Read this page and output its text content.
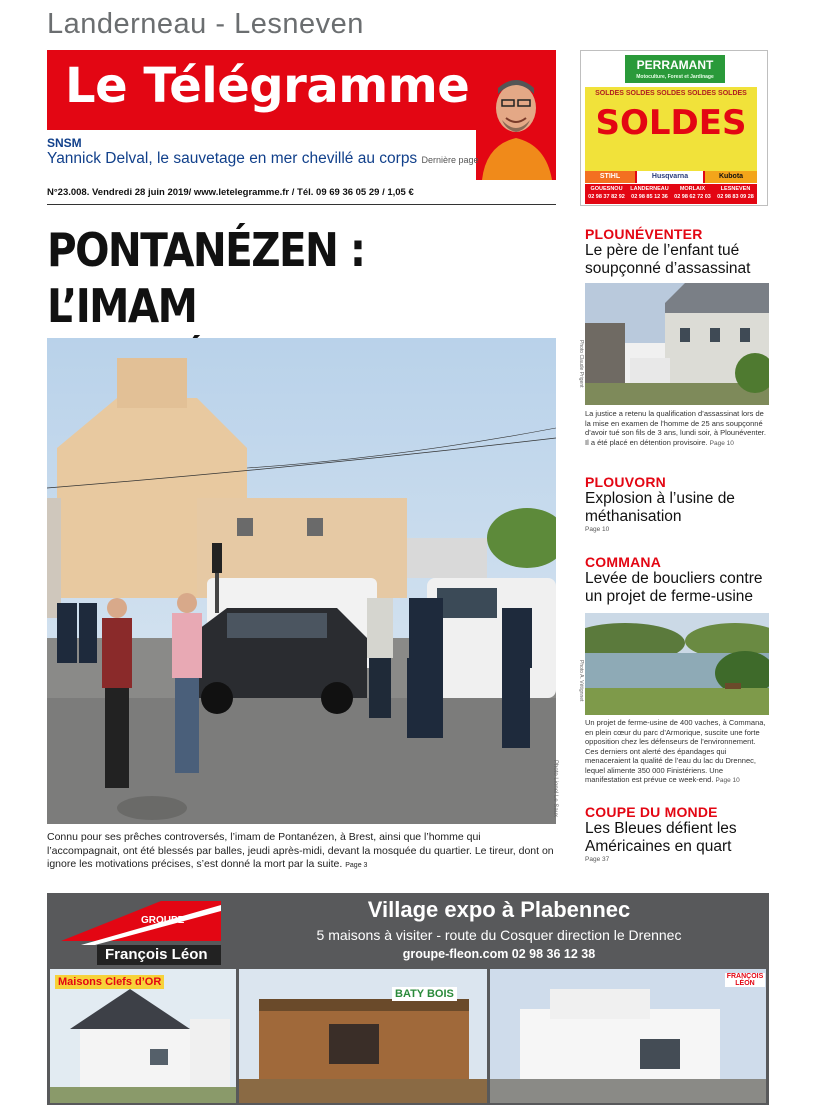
Landerneau - Lesneven
Le Télégramme
SNSM
Yannick Delval, le sauvetage en mer chevillé au corps Dernière page
N°23.008. Vendredi 28 juin 2019/ www.letelegramme.fr / Tél. 09 69 36 05 29 / 1,05 €
PERRAMANT
Motoculture, Forest et Jardinage
SOLDES SOLDES SOLDES SOLDES SOLDES
SOLDES
STIHL	Husqvarna	Kubota
GOUESNOU
02 98 37 82 92
LANDERNEAU
02 98 85 12 36
MORLAIX
02 98 62 72 03
LESNEVEN
02 98 83 09 28
PONTANÉZEN : L’IMAM
Photo Lionel Le Saux
Connu pour ses prêches controversés, l’imam de Pontanézen, à Brest, ainsi que l’homme qui l’accompagnait, ont été blessés par balles, jeudi après-midi, devant la mosquée du quartier. Le tireur, dont on ignore les motivations précises, s’est donné la mort par la suite. Page 3
PLOUNÉVENTER
Le père de l’enfant tué soupçonné d’assassinat
Photo Claude Prigent
La justice a retenu la qualification d’assassinat lors de la mise en examen de l’homme de 25 ans soupçonné d’avoir tué son fils de 3 ans, lundi soir, à Plounéventer. Il a été placé en détention provisoire. Page 10
PLOUVORN
Explosion à l’usine de méthanisation
Page 10
COMMANA
Levée de boucliers contre un projet de ferme-usine
Photo A. Vétignnet
Un projet de ferme-usine de 400 vaches, à Commana, en plein cœur du parc d’Armorique, suscite une forte opposition chez les défenseurs de l’environnement. Ces derniers ont alerté des épandages qui menaceraient la qualité de l’eau du lac du Drennec, lequel alimente 350 000 Finistériens. Une manifestation est prévue ce week-end. Page 10
COUPE DU MONDE
Les Bleues défient les Américaines en quart
Page 37
GROUPE
François Léon
Village expo à Plabennec
5 maisons à visiter - route du Cosquer direction le Drennec
groupe-fleon.com 02 98 36 12 38
Maisons Clefs d’OR
BATY BOIS
FRANÇOIS LÉON
